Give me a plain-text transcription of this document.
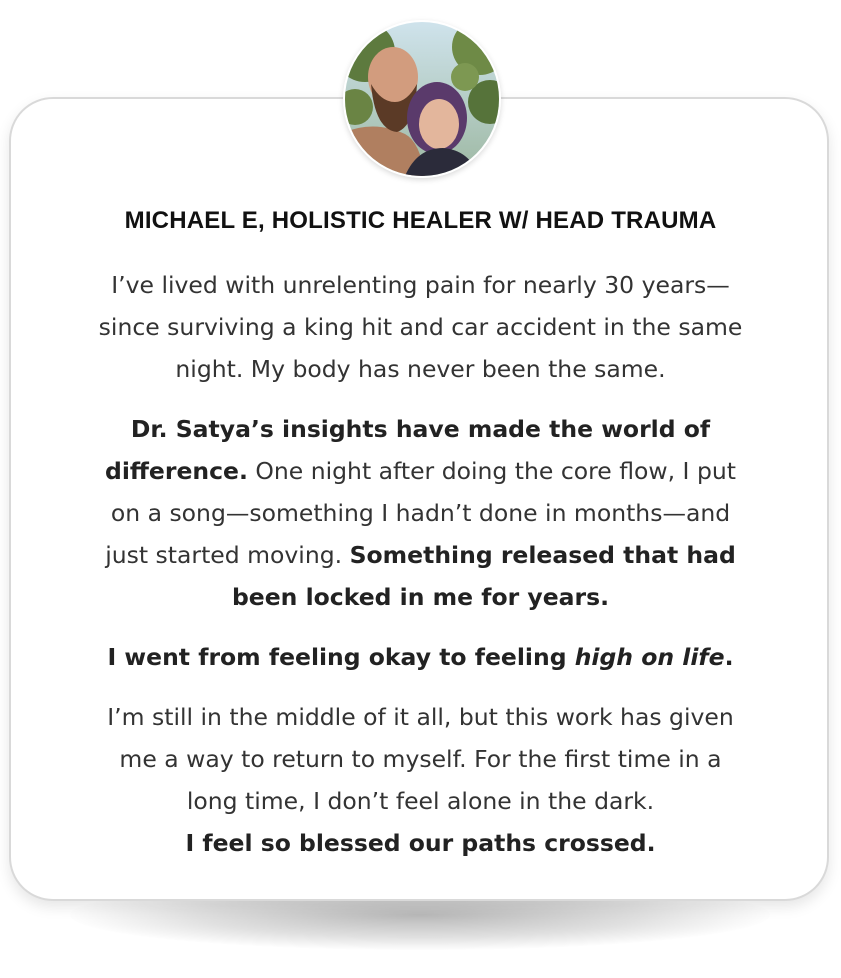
MICHAEL E, HOLISTIC HEALER W/ HEAD TRAUMA
I’ve lived with unrelenting pain for nearly 30 years—
since surviving a king hit and car accident in the same
night. My body has never been the same.
Dr. Satya’s insights have made the world of
difference. One night after doing the core flow, I put
on a song—something I hadn’t done in months—and
just started moving. Something released that had
been locked in me for years.
I went from feeling okay to feeling high on life.
I’m still in the middle of it all, but this work has given
me a way to return to myself. For the first time in a
long time, I don’t feel alone in the dark.
I feel so blessed our paths crossed.
